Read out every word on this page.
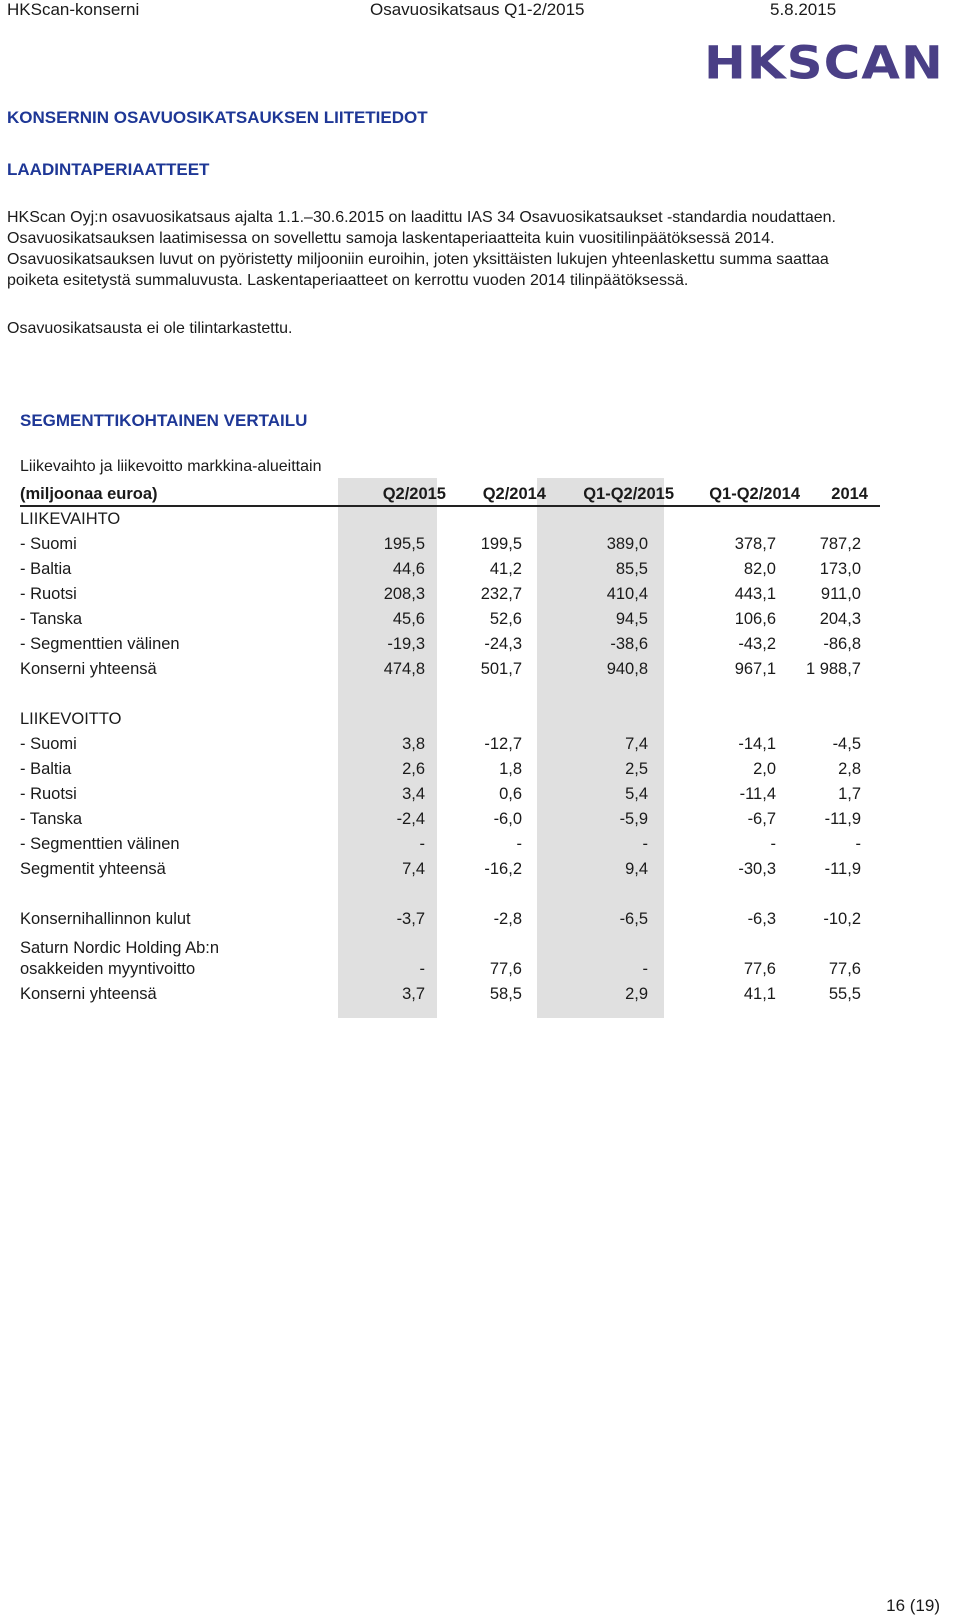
HKScan-konserni	Osavuosikatsaus Q1-2/2015	5.8.2015
HKSCAN
KONSERNIN OSAVUOSIKATSAUKSEN LIITETIEDOT
LAADINTAPERIAATTEET
HKScan Oyj:n osavuosikatsaus ajalta 1.1.–30.6.2015 on laadittu IAS 34 Osavuosikatsaukset -standardia noudattaen.
Osavuosikatsauksen laatimisessa on sovellettu samoja laskentaperiaatteita kuin vuositilinpäätöksessä 2014.
Osavuosikatsauksen luvut on pyöristetty miljooniin euroihin, joten yksittäisten lukujen yhteenlaskettu summa saattaa
poiketa esitetystä summaluvusta. Laskentaperiaatteet on kerrottu vuoden 2014 tilinpäätöksessä.
Osavuosikatsausta ei ole tilintarkastettu.
SEGMENTTIKOHTAINEN VERTAILU
Liikevaihto ja liikevoitto markkina-alueittain
(miljoonaa euroa)	Q2/2015	Q2/2014	Q1-Q2/2015	Q1-Q2/2014	2014
LIIKEVAIHTO
- Suomi	195,5	199,5	389,0	378,7	787,2
- Baltia	44,6	41,2	85,5	82,0	173,0
- Ruotsi	208,3	232,7	410,4	443,1	911,0
- Tanska	45,6	52,6	94,5	106,6	204,3
- Segmenttien välinen	-19,3	-24,3	-38,6	-43,2	-86,8
Konserni yhteensä	474,8	501,7	940,8	967,1	1 988,7
LIIKEVOITTO
- Suomi	3,8	-12,7	7,4	-14,1	-4,5
- Baltia	2,6	1,8	2,5	2,0	2,8
- Ruotsi	3,4	0,6	5,4	-11,4	1,7
- Tanska	-2,4	-6,0	-5,9	-6,7	-11,9
- Segmenttien välinen	-	-	-	-	-
Segmentit yhteensä	7,4	-16,2	9,4	-30,3	-11,9
Konsernihallinnon kulut	-3,7	-2,8	-6,5	-6,3	-10,2
Saturn Nordic Holding Ab:n
osakkeiden myyntivoitto	-	77,6	-	77,6	77,6
Konserni yhteensä	3,7	58,5	2,9	41,1	55,5
16 (19)
